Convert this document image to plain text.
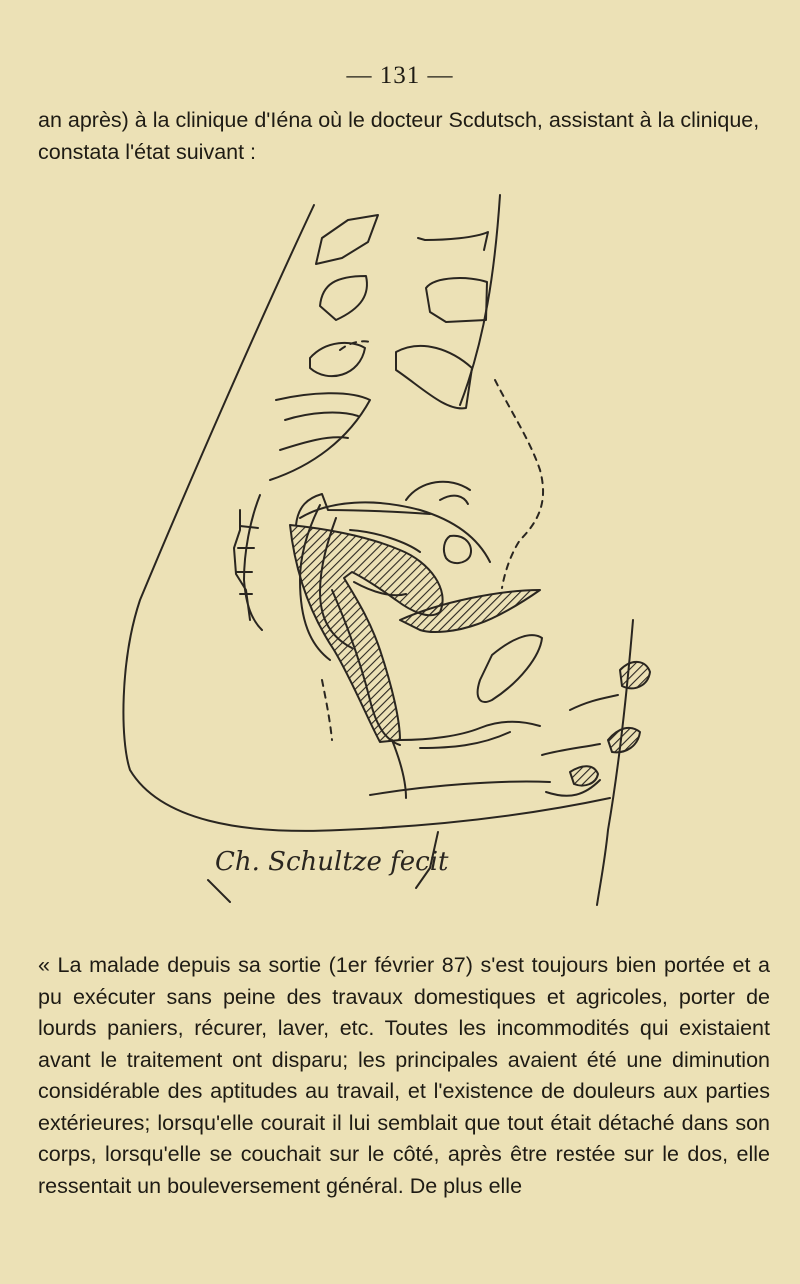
— 131 —

an après) à la clinique d'Iéna où le docteur Scdutsch, assistant à la clinique,
constata l'état suivant :

Ch. Schultze fecit

« La malade depuis sa sortie (1er février 87) s'est toujours bien portée et a pu exécuter sans peine des travaux domestiques et agricoles, porter de lourds paniers, récurer, laver, etc. Toutes les incommodités qui existaient avant le traitement ont disparu; les principales avaient été une diminution considérable des aptitudes au travail, et l'existence de douleurs aux parties extérieures; lorsqu'elle courait il lui semblait que tout était détaché dans son corps, lorsqu'elle se couchait sur le côté, après être restée sur le dos, elle ressentait un bouleversement général. De plus elle
